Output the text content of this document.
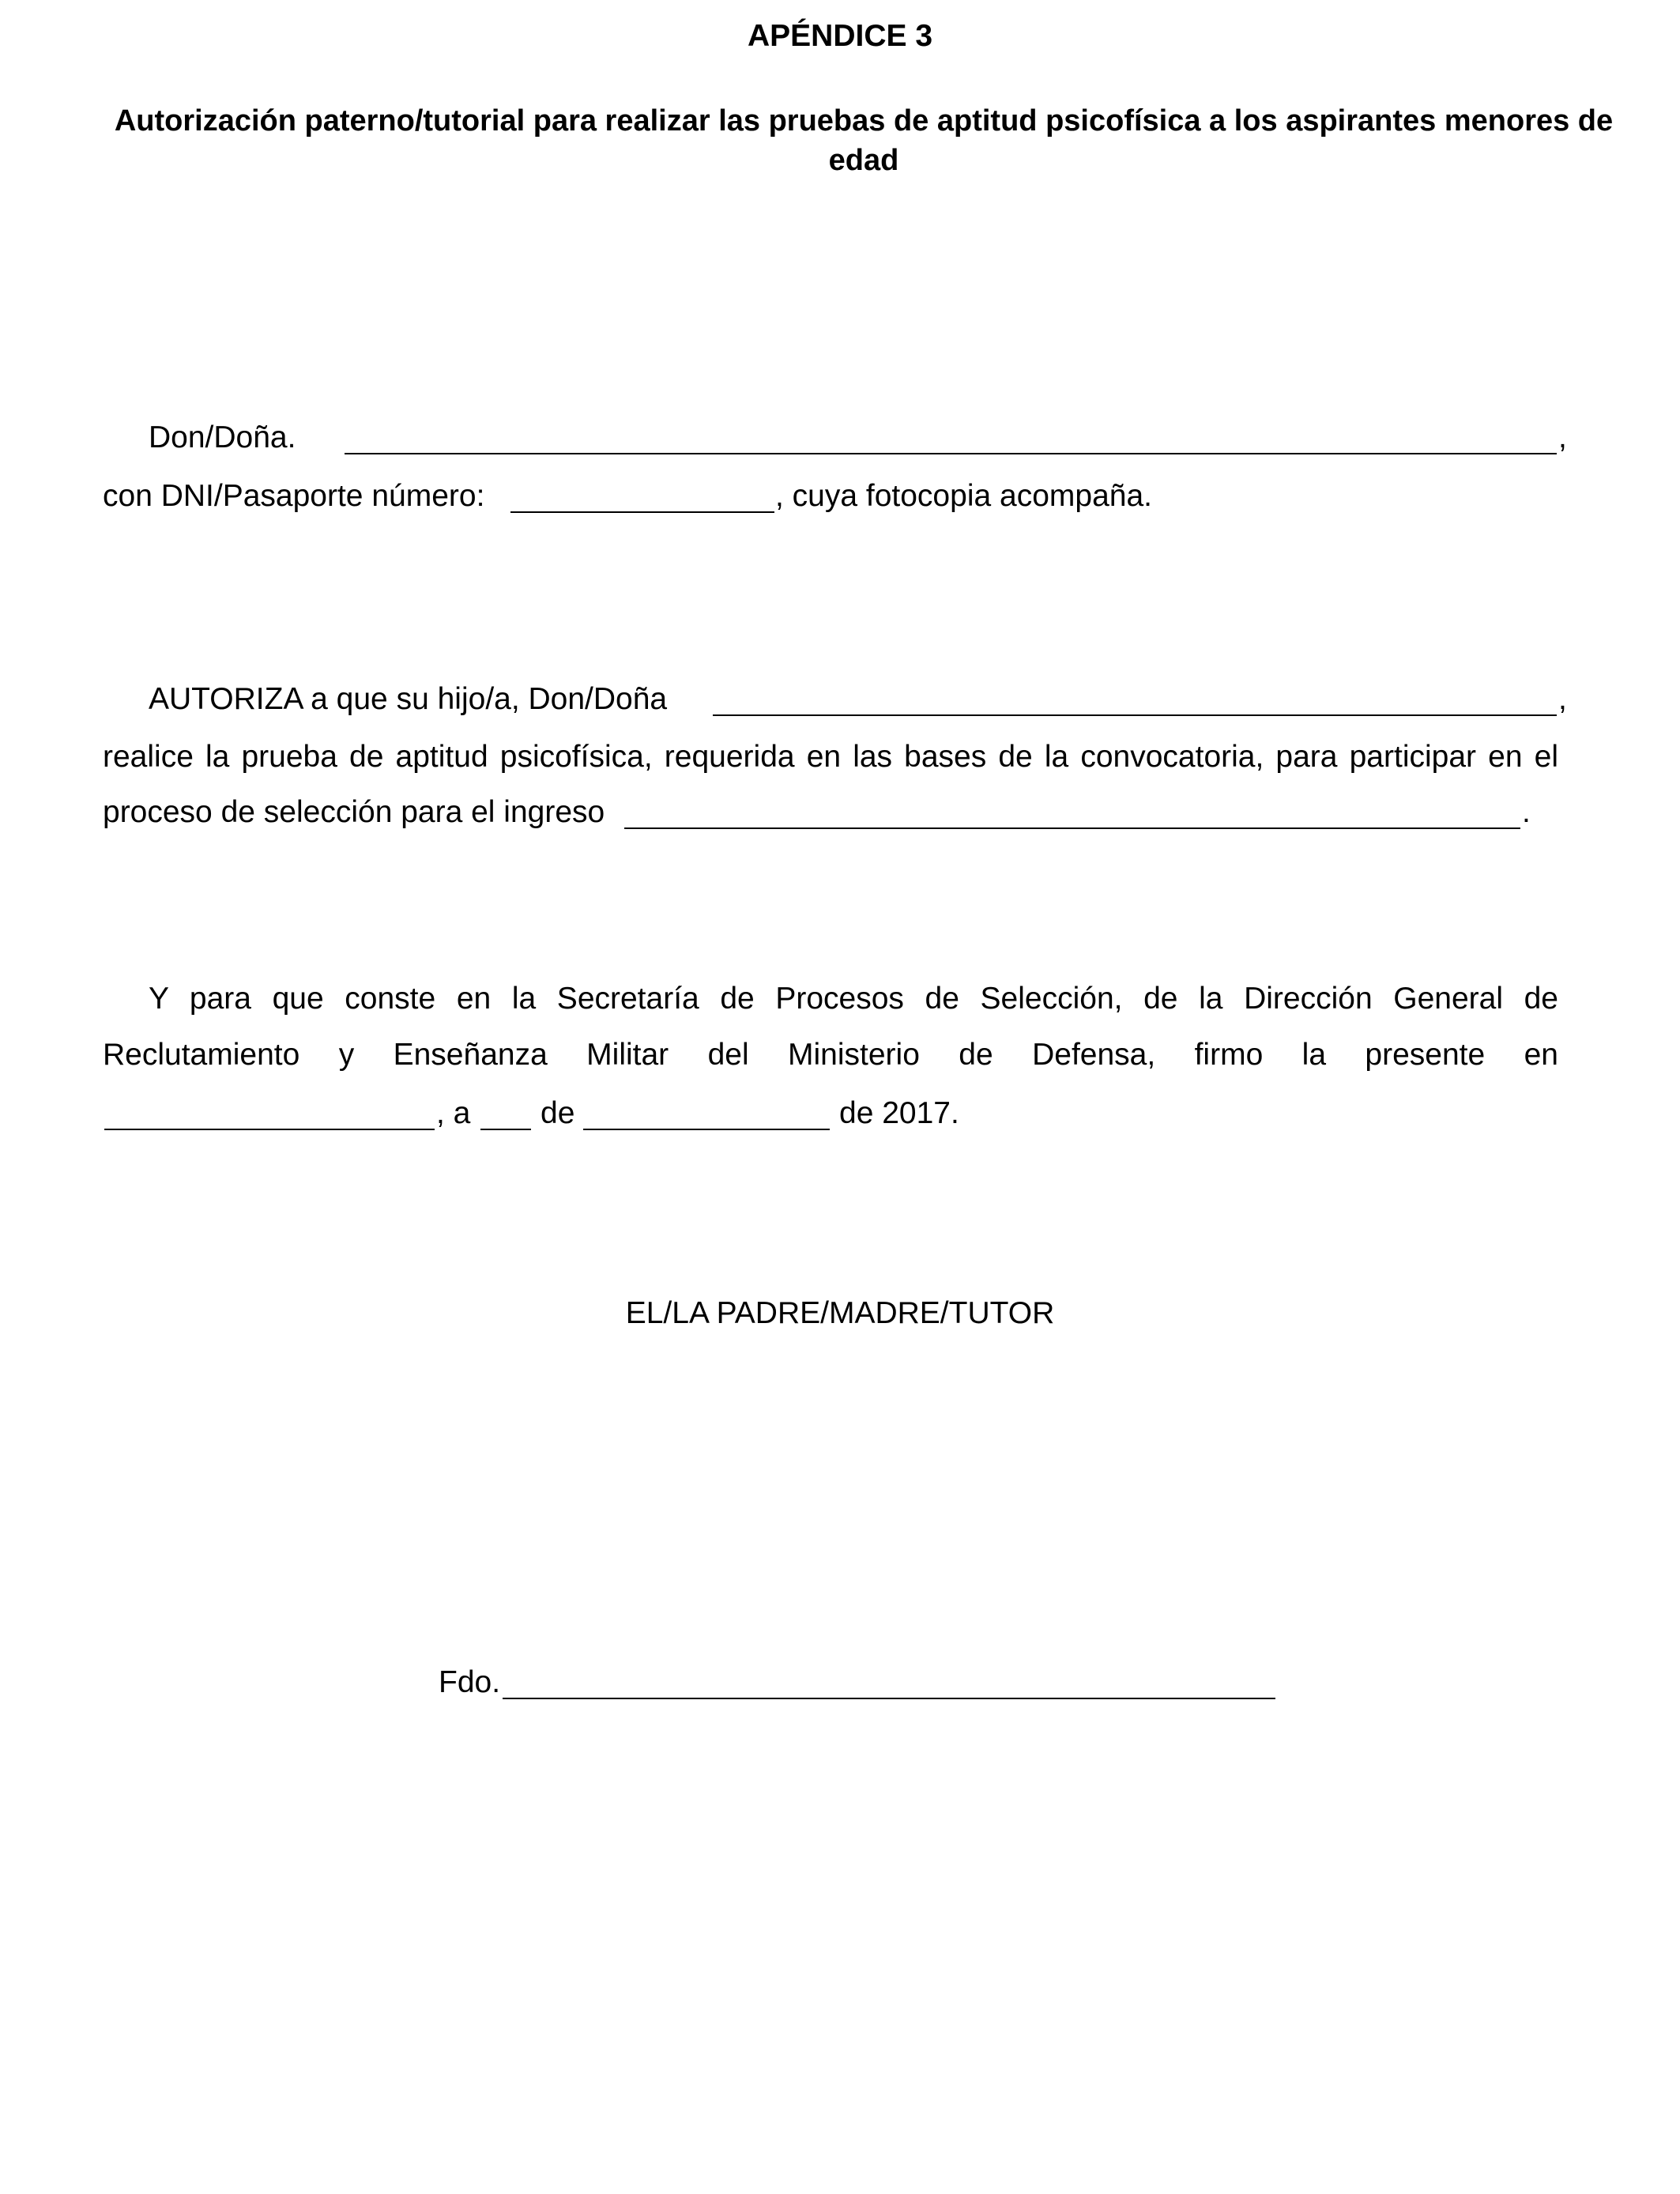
APÉNDICE 3
Autorización paterno/tutorial para realizar las pruebas de aptitud psicofísica a los aspirantes menores de edad
Don/Doña.	,
con DNI/Pasaporte número:	, cuya fotocopia acompaña.
AUTORIZA a que su hijo/a, Don/Doña	,
realice la prueba de aptitud psicofísica, requerida en las bases de la convocatoria, para participar en el
proceso de selección para el ingreso	.
Y para que conste en la Secretaría de Procesos de Selección, de la Dirección General de
Reclutamiento y Enseñanza Militar del Ministerio de Defensa, firmo la presente en
, a de	de 2017.
EL/LA PADRE/MADRE/TUTOR
Fdo.
